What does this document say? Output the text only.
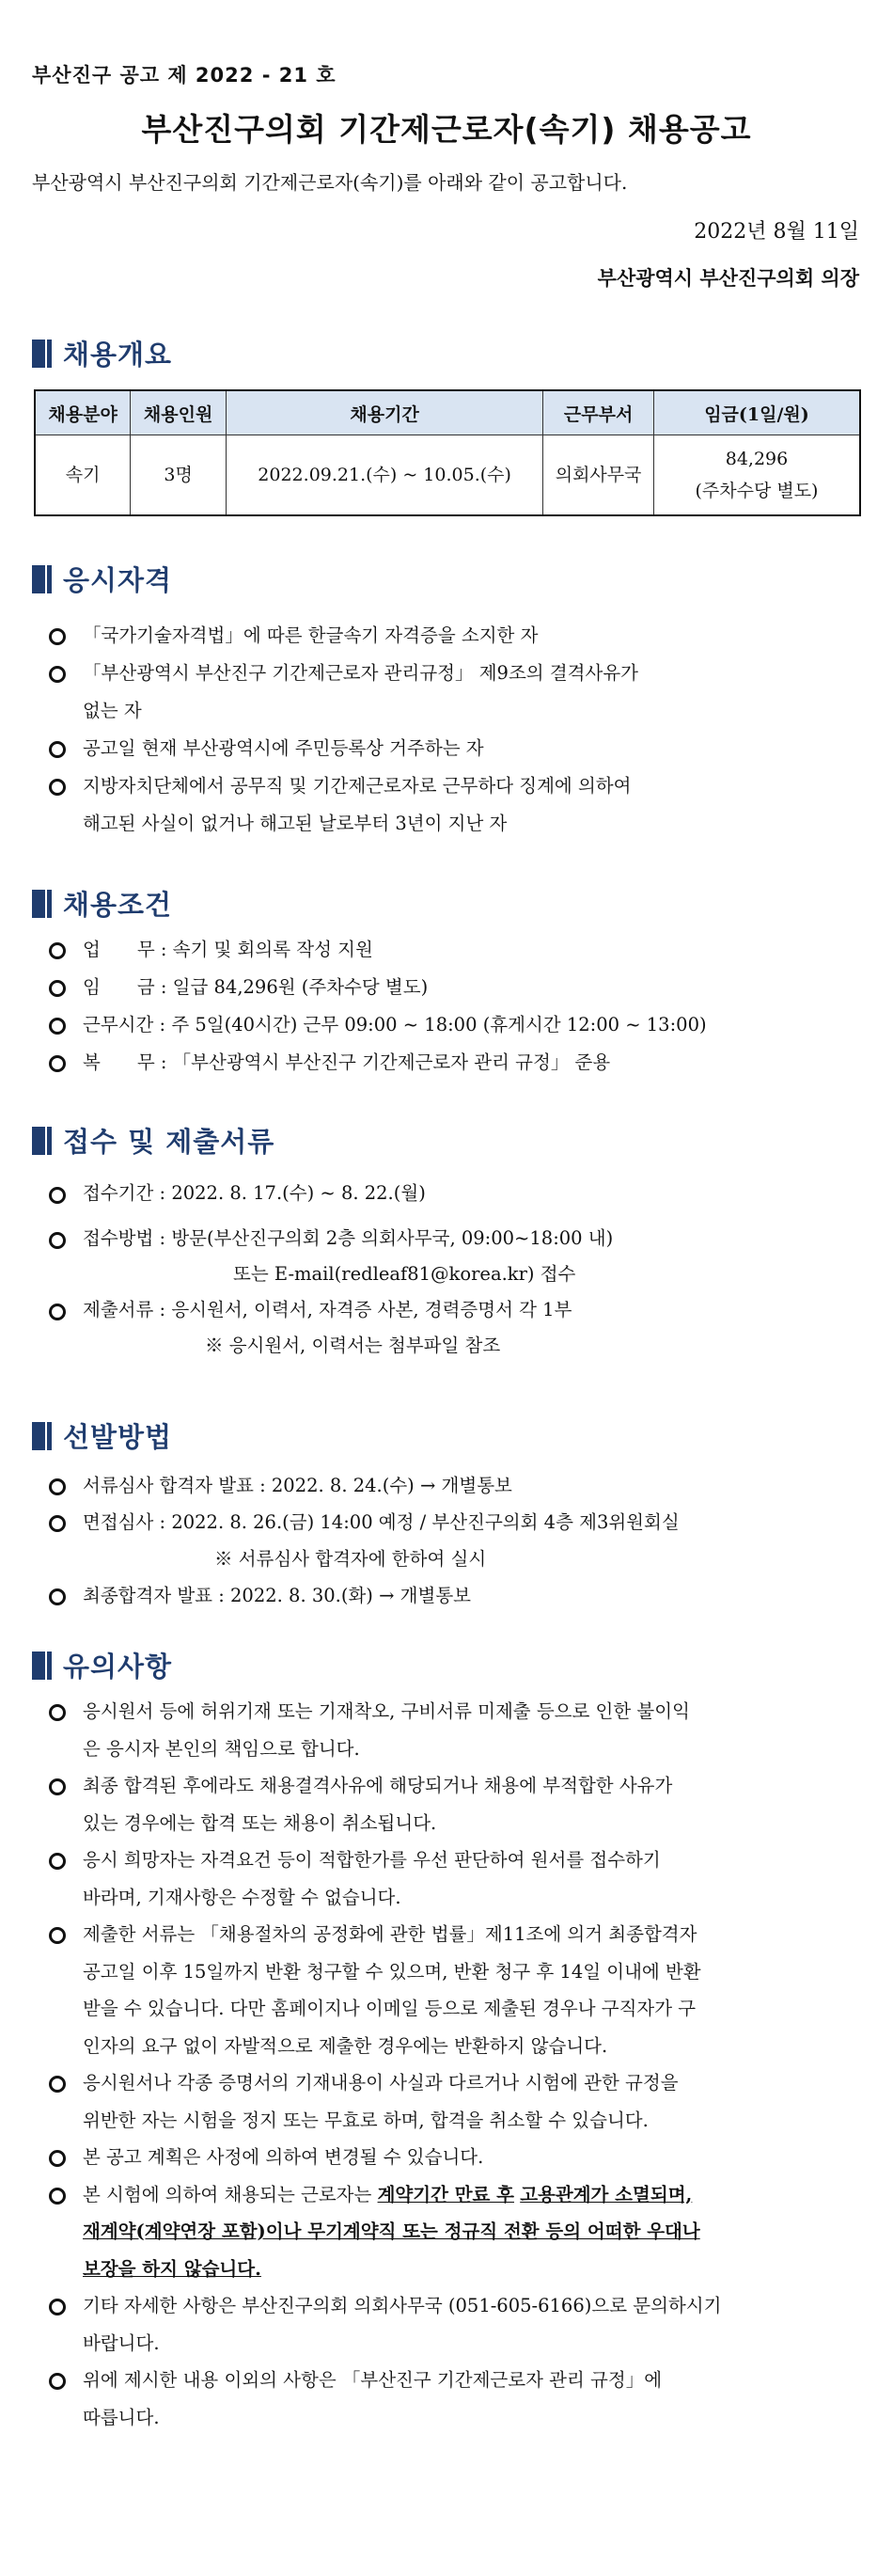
부산진구 공고 제 2022 - 21 호
부산진구의회 기간제근로자(속기) 채용공고
부산광역시 부산진구의회 기간제근로자(속기)를 아래와 같이 공고합니다.
2022년 8월 11일
부산광역시 부산진구의회 의장
채용개요
채용분야	채용인원	채용기간	근무부서	임금(1일/원)
속기	3명	2022.09.21.(수) ~ 10.05.(수)	의회사무국	84,296
(주차수당 별도)
응시자격
「국가기술자격법」에 따른 한글속기 자격증을 소지한 자
「부산광역시 부산진구 기간제근로자 관리규정」 제9조의 결격사유가
없는 자
공고일 현재 부산광역시에 주민등록상 거주하는 자
지방자치단체에서 공무직 및 기간제근로자로 근무하다 징계에 의하여
해고된 사실이 없거나 해고된 날로부터 3년이 지난 자
채용조건
업　　무 : 속기 및 회의록 작성 지원
임　　금 : 일급 84,296원 (주차수당 별도)
근무시간 : 주 5일(40시간) 근무 09:00 ~ 18:00 (휴게시간 12:00 ~ 13:00)
복　　무 : 「부산광역시 부산진구 기간제근로자 관리 규정」 준용
접수 및 제출서류
접수기간 : 2022. 8. 17.(수) ~ 8. 22.(월)
접수방법 : 방문(부산진구의회 2층 의회사무국, 09:00~18:00 내)
또는 E-mail(redleaf81@korea.kr) 접수
제출서류 : 응시원서, 이력서, 자격증 사본, 경력증명서 각 1부
※ 응시원서, 이력서는 첨부파일 참조
선발방법
서류심사 합격자 발표 : 2022. 8. 24.(수) → 개별통보
면접심사 : 2022. 8. 26.(금) 14:00 예정 / 부산진구의회 4층 제3위원회실
※ 서류심사 합격자에 한하여 실시
최종합격자 발표 : 2022. 8. 30.(화) → 개별통보
유의사항
응시원서 등에 허위기재 또는 기재착오, 구비서류 미제출 등으로 인한 불이익
은 응시자 본인의 책임으로 합니다.
최종 합격된 후에라도 채용결격사유에 해당되거나 채용에 부적합한 사유가
있는 경우에는 합격 또는 채용이 취소됩니다.
응시 희망자는 자격요건 등이 적합한가를 우선 판단하여 원서를 접수하기
바라며, 기재사항은 수정할 수 없습니다.
제출한 서류는 「채용절차의 공정화에 관한 법률」제11조에 의거 최종합격자
공고일 이후 15일까지 반환 청구할 수 있으며, 반환 청구 후 14일 이내에 반환
받을 수 있습니다. 다만 홈페이지나 이메일 등으로 제출된 경우나 구직자가 구
인자의 요구 없이 자발적으로 제출한 경우에는 반환하지 않습니다.
응시원서나 각종 증명서의 기재내용이 사실과 다르거나 시험에 관한 규정을
위반한 자는 시험을 정지 또는 무효로 하며, 합격을 취소할 수 있습니다.
본 공고 계획은 사정에 의하여 변경될 수 있습니다.
본 시험에 의하여 채용되는 근로자는 계약기간 만료 후 고용관계가 소멸되며,
재계약(계약연장 포함)이나 무기계약직 또는 정규직 전환 등의 어떠한 우대나
보장을 하지 않습니다.
기타 자세한 사항은 부산진구의회 의회사무국 (051-605-6166)으로 문의하시기
바랍니다.
위에 제시한 내용 이외의 사항은 「부산진구 기간제근로자 관리 규정」에
따릅니다.
